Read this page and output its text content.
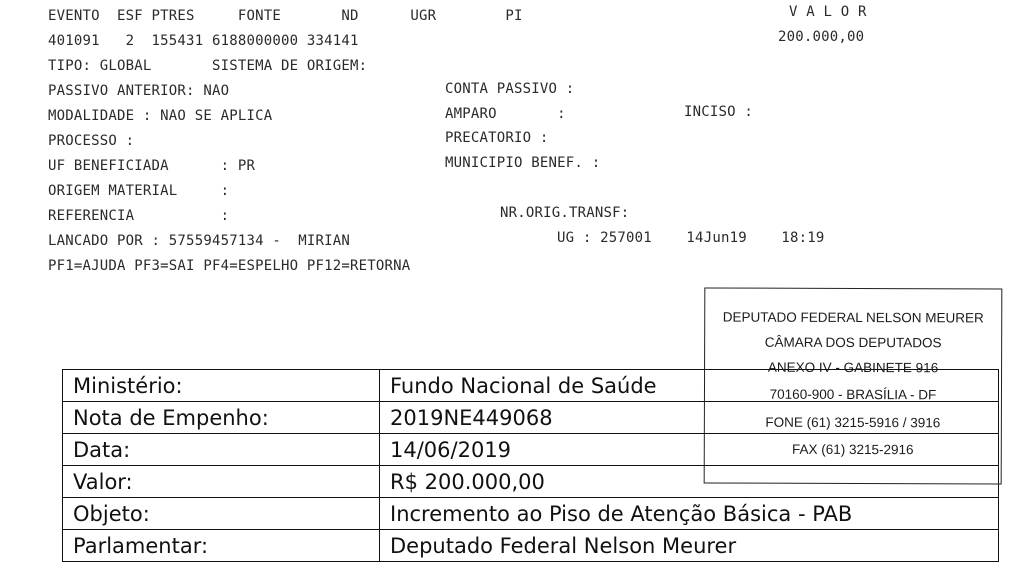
EVENTO  ESF PTRES     FONTE       ND      UGR        PI	V A L O R
401091   2  155431 6188000000 334141	200.000,00
TIPO: GLOBAL       SISTEMA DE ORIGEM:
PASSIVO ANTERIOR: NAO	CONTA PASSIVO :
MODALIDADE : NAO SE APLICA	AMPARO       :	INCISO :
PROCESSO :	PRECATORIO :
UF BENEFICIADA      : PR	MUNICIPIO BENEF. :
ORIGEM MATERIAL     :
REFERENCIA          :	NR.ORIG.TRANSF:
LANCADO POR : 57559457134 -  MIRIAN	UG : 257001    14Jun19    18:19
PF1=AJUDA PF3=SAI PF4=ESPELHO PF12=RETORNA
Ministério:	Fundo Nacional de Saúde
Nota de Empenho:	2019NE449068
Data:	14/06/2019
Valor:	R$ 200.000,00
Objeto:	Incremento ao Piso de Atenção Básica - PAB
Parlamentar:	Deputado Federal Nelson Meurer
DEPUTADO FEDERAL NELSON MEURER
CÂMARA DOS DEPUTADOS
ANEXO IV - GABINETE 916
70160-900 - BRASÍLIA - DF
FONE (61) 3215-5916 / 3916
FAX (61) 3215-2916
